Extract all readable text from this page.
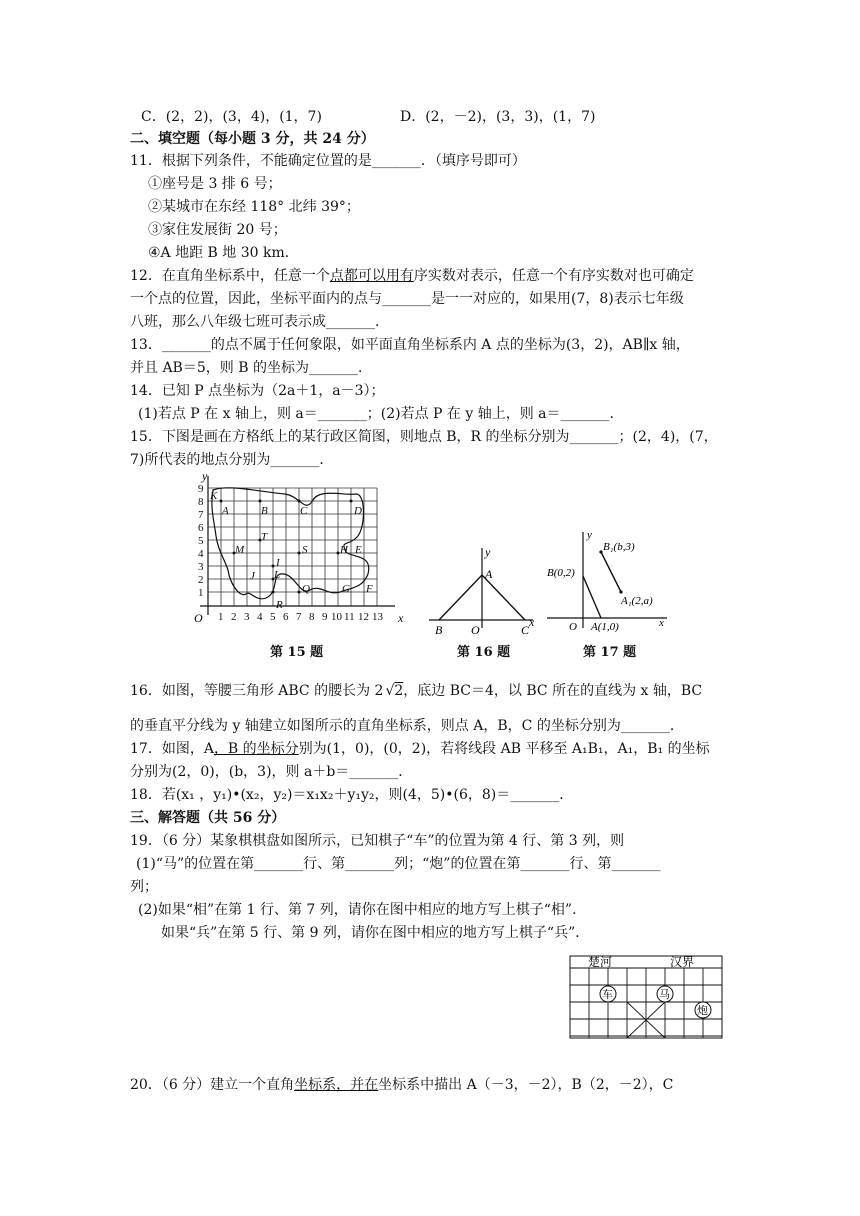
C．(2，2)，(3，4)，(1，7)	D．(2，－2)，(3，3)，(1，7)
二、填空题（每小题 3 分，共 24 分）
11．根据下列条件，不能确定位置的是_______．（填序号即可）
①座号是 3 排 6 号；
②某城市在东经 118° 北纬 39°；
③家住发展街 20 号；
④A 地距 B 地 30 km．
12．在直角坐标系中，任意一个点都可以用有序实数对表示，任意一个有序实数对也可确定
一个点的位置，因此，坐标平面内的点与_______是一一对应的，如果用(7，8)表示七年级
八班，那么八年级七班可表示成_______．
13．_______的点不属于任何象限，如平面直角坐标系内 A 点的坐标为(3，2)，AB∥x 轴，
并且 AB＝5，则 B 的坐标为_______．
14．已知 P 点坐标为（2a＋1，a－3）；
(1)若点 P 在 x 轴上，则 a＝_______；(2)若点 P 在 y 轴上，则 a＝_______．
15．下图是画在方格纸上的某行政区简图，则地点 B，R 的坐标分别为_______；(2，4)，(7，
7)所代表的地点分别为_______．
9
8
7
6
5
4
3
2
1
1 2 3 4 5 6 7 8 9 10 11 12 13
O	x
y
K
A	B	C	D
M
T
S	H E
I
J L
R
Q	G F
第 15 题
A
B O	C
x
y
第 16 题
B(0,2)
A(1,0)
B₁(b,3)
A₁(2,a)
O	x
y
第 17 题
16．如图，等腰三角形 ABC 的腰长为 2 √2，底边 BC＝4，以 BC 所在的直线为 x 轴，BC
的垂直平分线为 y 轴建立如图所示的直角坐标系，则点 A，B，C 的坐标分别为_______．
17．如图，A，B 的坐标分别为(1，0)，(0，2)，若将线段 AB 平移至 A₁B₁，A₁，B₁ 的坐标
分别为(2，0)，(b，3)，则 a＋b＝_______．
18．若(x₁ ，y₁)•(x₂，y₂)＝x₁x₂＋y₁y₂，则(4，5)•(6，8)＝_______．
三、解答题（共 56 分）
19．（6 分）某象棋棋盘如图所示，已知棋子“车”的位置为第 4 行、第 3 列，则
(1)“马”的位置在第_______行、第_______列；“炮”的位置在第_______行、第_______
列；
(2)如果“相”在第 1 行、第 7 列，请你在图中相应的地方写上棋子“相”．
如果“兵”在第 5 行、第 9 列，请你在图中相应的地方写上棋子“兵”．
楚河	汉界
车	马
炮
20．（6 分）建立一个直角坐标系，并在坐标系中描出 A（－3，－2），B（2，－2），C
